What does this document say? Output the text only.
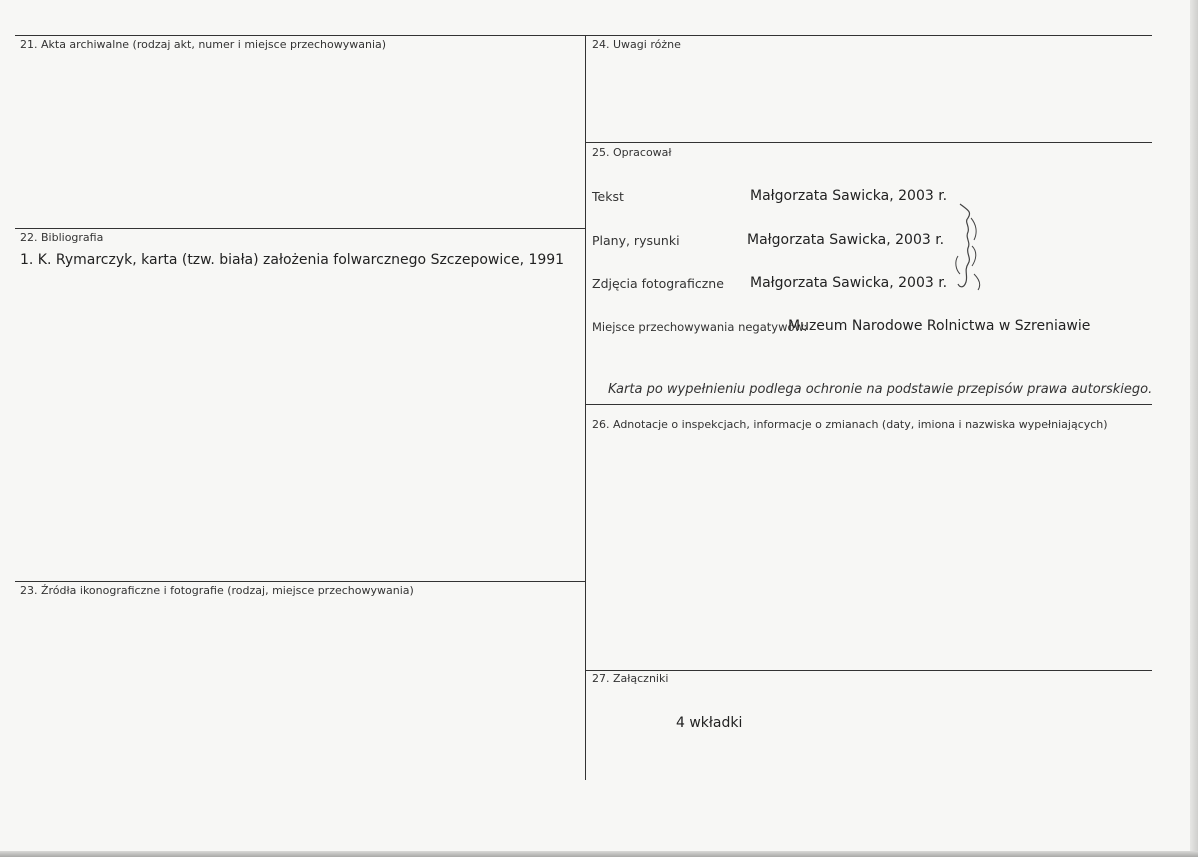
21. Akta archiwalne (rodzaj akt, numer i miejsce przechowywania)
22. Bibliografia
1. K. Rymarczyk, karta (tzw. biała) założenia folwarcznego Szczepowice, 1991
23. Źródła ikonograficzne i fotografie (rodzaj, miejsce przechowywania)
24. Uwagi różne
25. Opracował
Tekst	Małgorzata Sawicka, 2003 r.
Plany, rysunki	Małgorzata Sawicka, 2003 r.
Zdjęcia fotograficzne Małgorzata Sawicka, 2003 r.
Miejsce przechowywania negatywów:
Muzeum Narodowe Rolnictwa w Szreniawie
Karta po wypełnieniu podlega ochronie na podstawie przepisów prawa autorskiego.
26. Adnotacje o inspekcjach, informacje o zmianach (daty, imiona i nazwiska wypełniających)
27. Załączniki
4 wkładki
